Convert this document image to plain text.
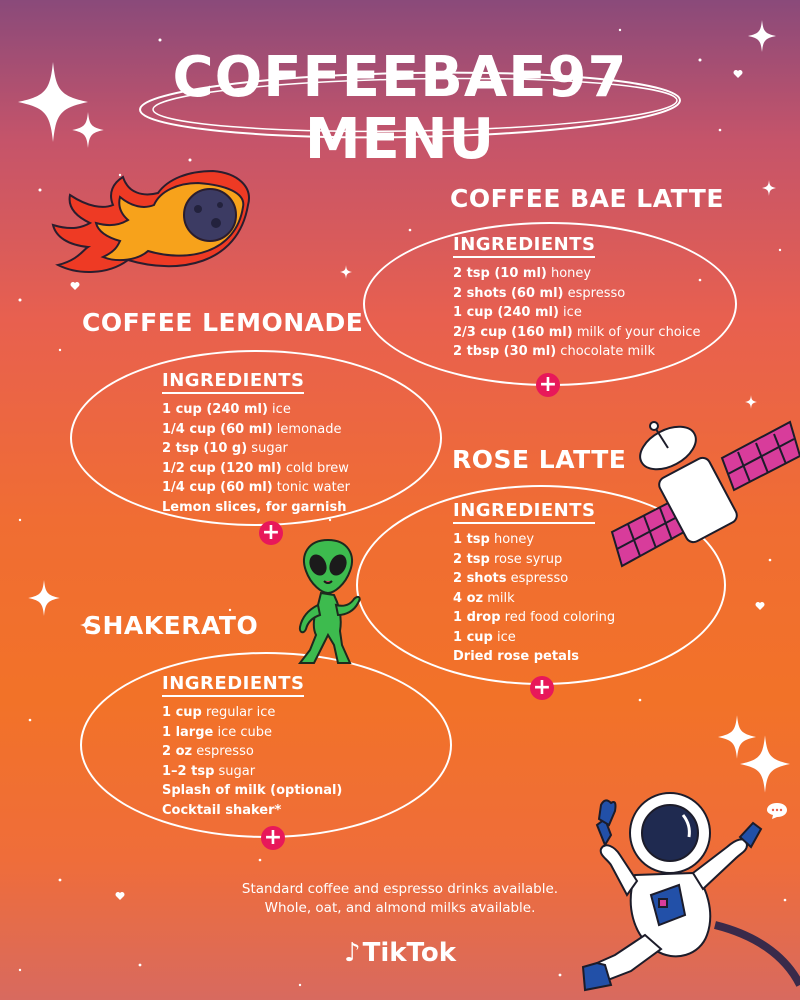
COFFEEBAE97
MENU
COFFEE BAE LATTE
INGREDIENTS
2 tsp (10 ml) honey
2 shots (60 ml) espresso
1 cup (240 ml) ice
2/3 cup (160 ml) milk of your choice
2 tbsp (30 ml) chocolate milk
+
COFFEE LEMONADE
INGREDIENTS
1 cup (240 ml) ice
1/4 cup (60 ml) lemonade
2 tsp (10 g) sugar
1/2 cup (120 ml) cold brew
1/4 cup (60 ml) tonic water
Lemon slices, for garnish
+
ROSE LATTE
INGREDIENTS
1 tsp honey
2 tsp rose syrup
2 shots espresso
4 oz milk
1 drop red food coloring
1 cup ice
Dried rose petals
+
SHAKERATO
INGREDIENTS
1 cup regular ice
1 large ice cube
2 oz espresso
1–2 tsp sugar
Splash of milk (optional)
Cocktail shaker*
+
Standard coffee and espresso drinks available.
Whole, oat, and almond milks available.
♪TikTok
